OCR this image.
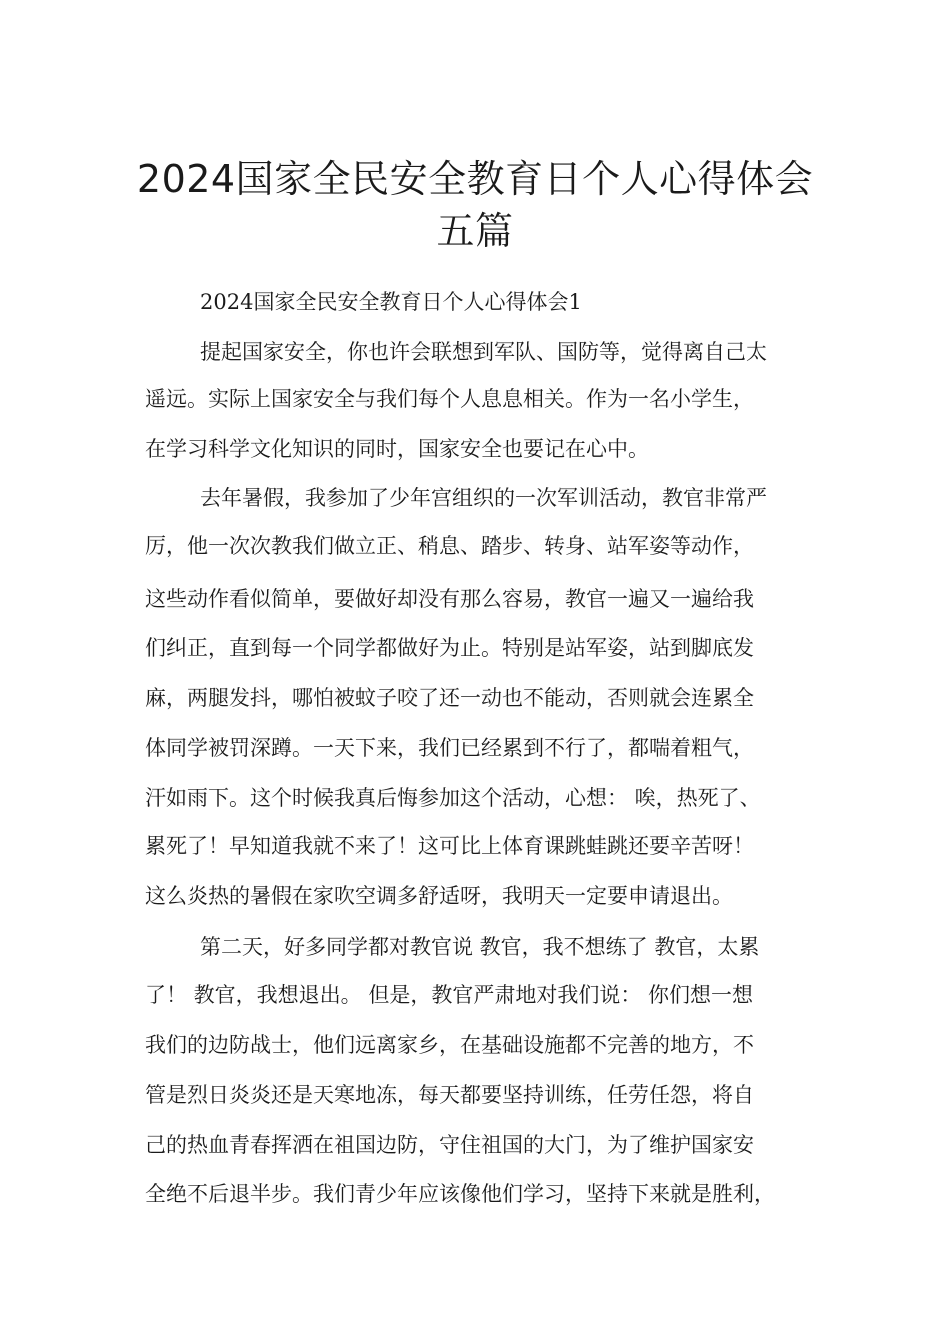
2024国家全民安全教育日个人心得体会
五篇
2024国家全民安全教育日个人心得体会1
提起国家安全，你也许会联想到军队、国防等，觉得离自己太
遥远。实际上国家安全与我们每个人息息相关。作为一名小学生，
在学习科学文化知识的同时，国家安全也要记在心中。
去年暑假，我参加了少年宫组织的一次军训活动，教官非常严
厉，他一次次教我们做立正、稍息、踏步、转身、站军姿等动作，
这些动作看似简单，要做好却没有那么容易，教官一遍又一遍给我
们纠正，直到每一个同学都做好为止。特别是站军姿，站到脚底发
麻，两腿发抖，哪怕被蚊子咬了还一动也不能动，否则就会连累全
体同学被罚深蹲。一天下来，我们已经累到不行了，都喘着粗气，
汗如雨下。这个时候我真后悔参加这个活动，心想： 唉，热死了、
累死了！早知道我就不来了！这可比上体育课跳蛙跳还要辛苦呀！
这么炎热的暑假在家吹空调多舒适呀，我明天一定要申请退出。
第二天，好多同学都对教官说 教官，我不想练了 教官，太累
了！ 教官，我想退出。 但是，教官严肃地对我们说： 你们想一想
我们的边防战士，他们远离家乡，在基础设施都不完善的地方，不
管是烈日炎炎还是天寒地冻，每天都要坚持训练，任劳任怨，将自
己的热血青春挥洒在祖国边防，守住祖国的大门，为了维护国家安
全绝不后退半步。我们青少年应该像他们学习，坚持下来就是胜利，
